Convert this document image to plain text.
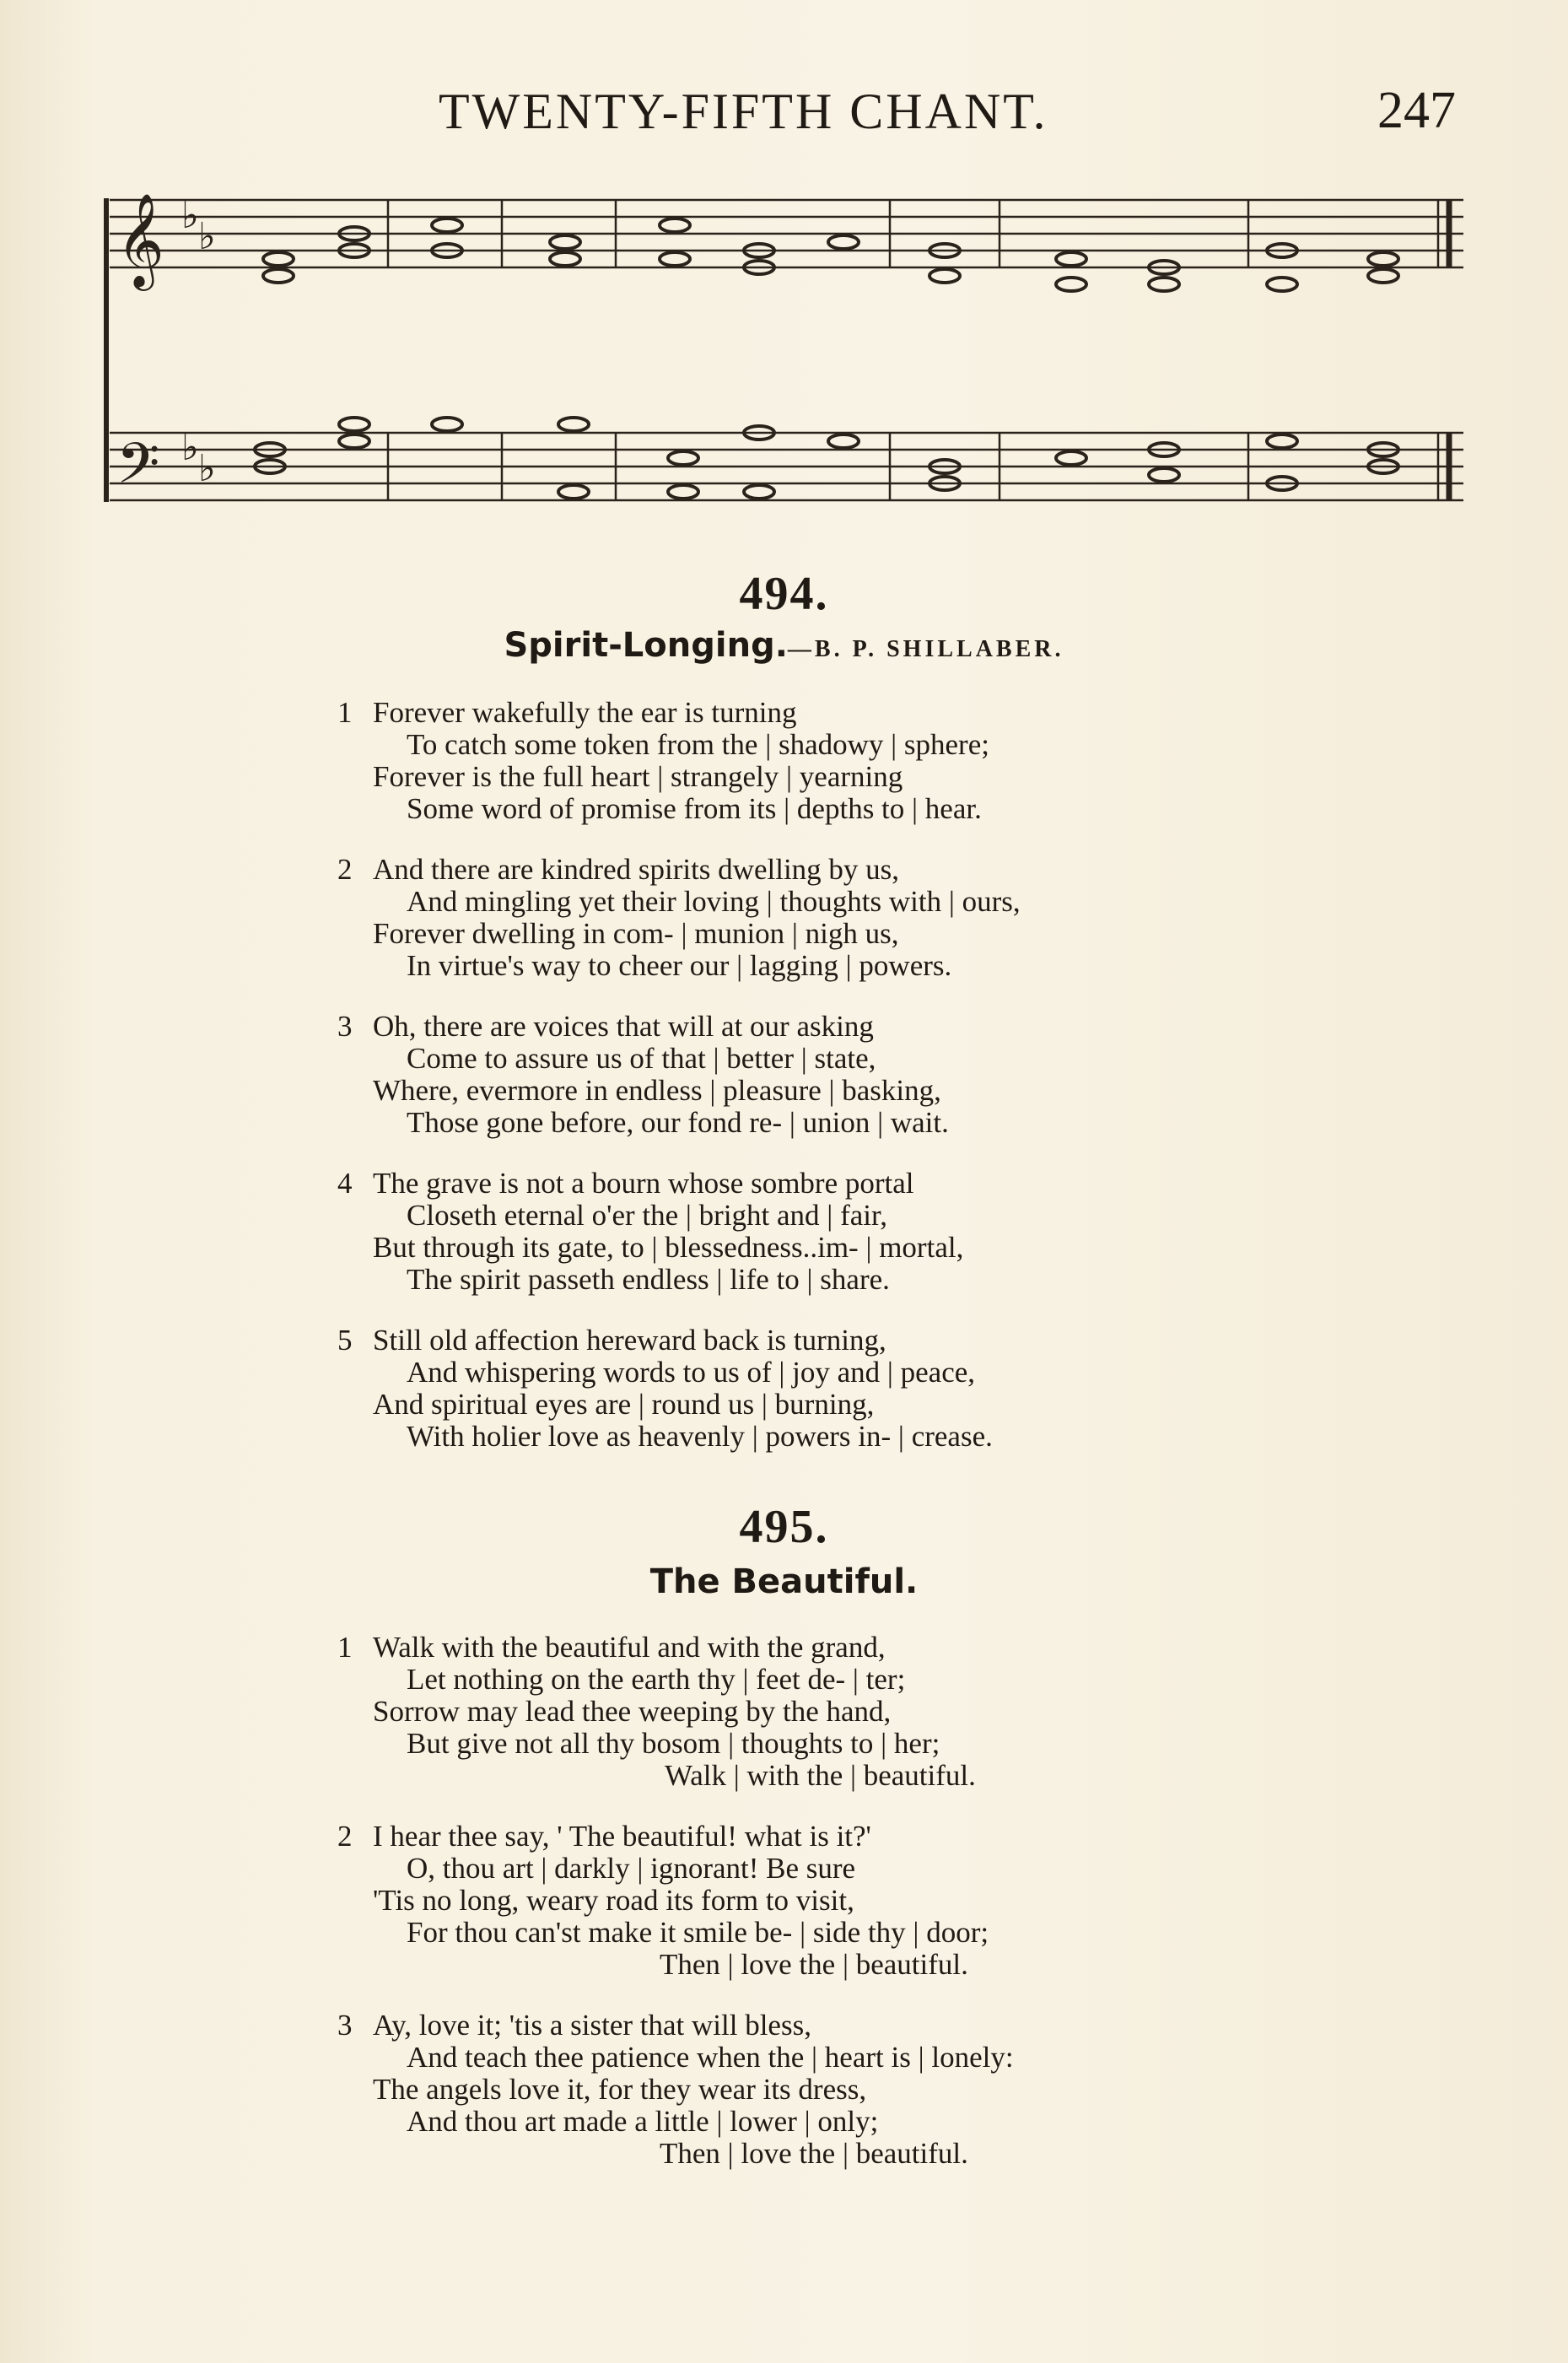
TWENTY-FIFTH CHANT.	247
𝄞
𝄢
♭ ♭
♭ ♭
494.
Spirit-Longing.—B. P. SHILLABER.
1 Forever wakefully the ear is turning
To catch some token from the | shadowy | sphere;
Forever is the full heart | strangely | yearning
Some word of promise from its | depths to | hear.
2 And there are kindred spirits dwelling by us,
And mingling yet their loving | thoughts with | ours,
Forever dwelling in com- | munion | nigh us,
In virtue's way to cheer our | lagging | powers.
3 Oh, there are voices that will at our asking
Come to assure us of that | better | state,
Where, evermore in endless | pleasure | basking,
Those gone before, our fond re- | union | wait.
4 The grave is not a bourn whose sombre portal
Closeth eternal o'er the | bright and | fair,
But through its gate, to | blessedness..im- | mortal,
The spirit passeth endless | life to | share.
5 Still old affection hereward back is turning,
And whispering words to us of | joy and | peace,
And spiritual eyes are | round us | burning,
With holier love as heavenly | powers in- | crease.
495.
The Beautiful.
1 Walk with the beautiful and with the grand,
Let nothing on the earth thy | feet de- | ter;
Sorrow may lead thee weeping by the hand,
But give not all thy bosom | thoughts to | her;
Walk | with the | beautiful.
2 I hear thee say, ' The beautiful! what is it?'
O, thou art | darkly | ignorant! Be sure
'Tis no long, weary road its form to visit,
For thou can'st make it smile be- | side thy | door;
Then | love the | beautiful.
3 Ay, love it; 'tis a sister that will bless,
And teach thee patience when the | heart is | lonely:
The angels love it, for they wear its dress,
And thou art made a little | lower | only;
Then | love the | beautiful.
